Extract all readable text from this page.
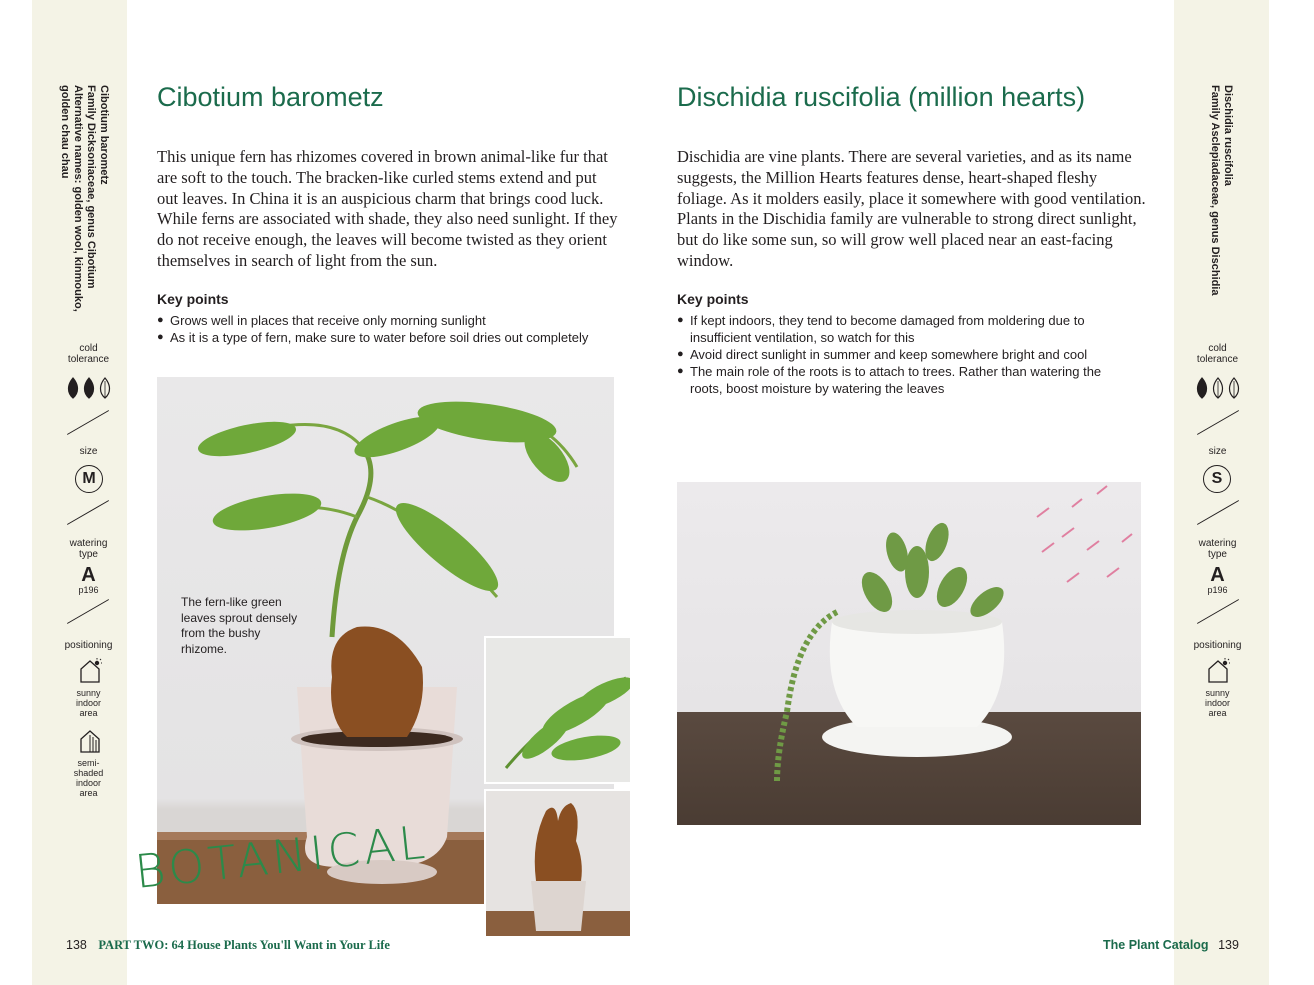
Cibotium barometz
Family Dicksoniaceae, genus Cibotium
Alternative names: golden wool, kinmouko,
golden chau chau
cold
tolerance
size
M
watering
type
A
p196
positioning
sunny
indoor
area
semi-
shaded
indoor
area
Dischidia ruscifolia
Family Asclepiadaceae, genus Dischidia
cold
tolerance
size
S
watering
type
A
p196
positioning
sunny
indoor
area
Cibotium barometz
This unique fern has rhizomes covered in brown animal-like fur that are soft to the touch. The bracken-like curled stems extend and put out leaves. In China it is an auspicious charm that brings cood luck. While ferns are associated with shade, they also need sunlight. If they do not receive enough, the leaves will become twisted as they orient themselves in search of light from the sun.
Key points
● Grows well in places that receive only morning sunlight
● As it is a type of fern, make sure to water before soil dries out completely
The fern-like green leaves sprout densely from the bushy rhizome.
BOTANICAL
Dischidia ruscifolia (million hearts)
Dischidia are vine plants. There are several varieties, and as its name suggests, the Million Hearts features dense, heart-shaped fleshy foliage. As it molders easily, place it somewhere with good ventilation. Plants in the Dischidia family are vulnerable to strong direct sunlight, but do like some sun, so will grow well placed near an east-facing window.
Key points
● If kept indoors, they tend to become damaged from moldering due to insufficient ventilation, so watch for this
● Avoid direct sunlight in summer and keep somewhere bright and cool
● The main role of the roots is to attach to trees. Rather than watering the roots, boost moisture by watering the leaves
138 PART TWO: 64 House Plants You'll Want in Your Life	The Plant Catalog 139
